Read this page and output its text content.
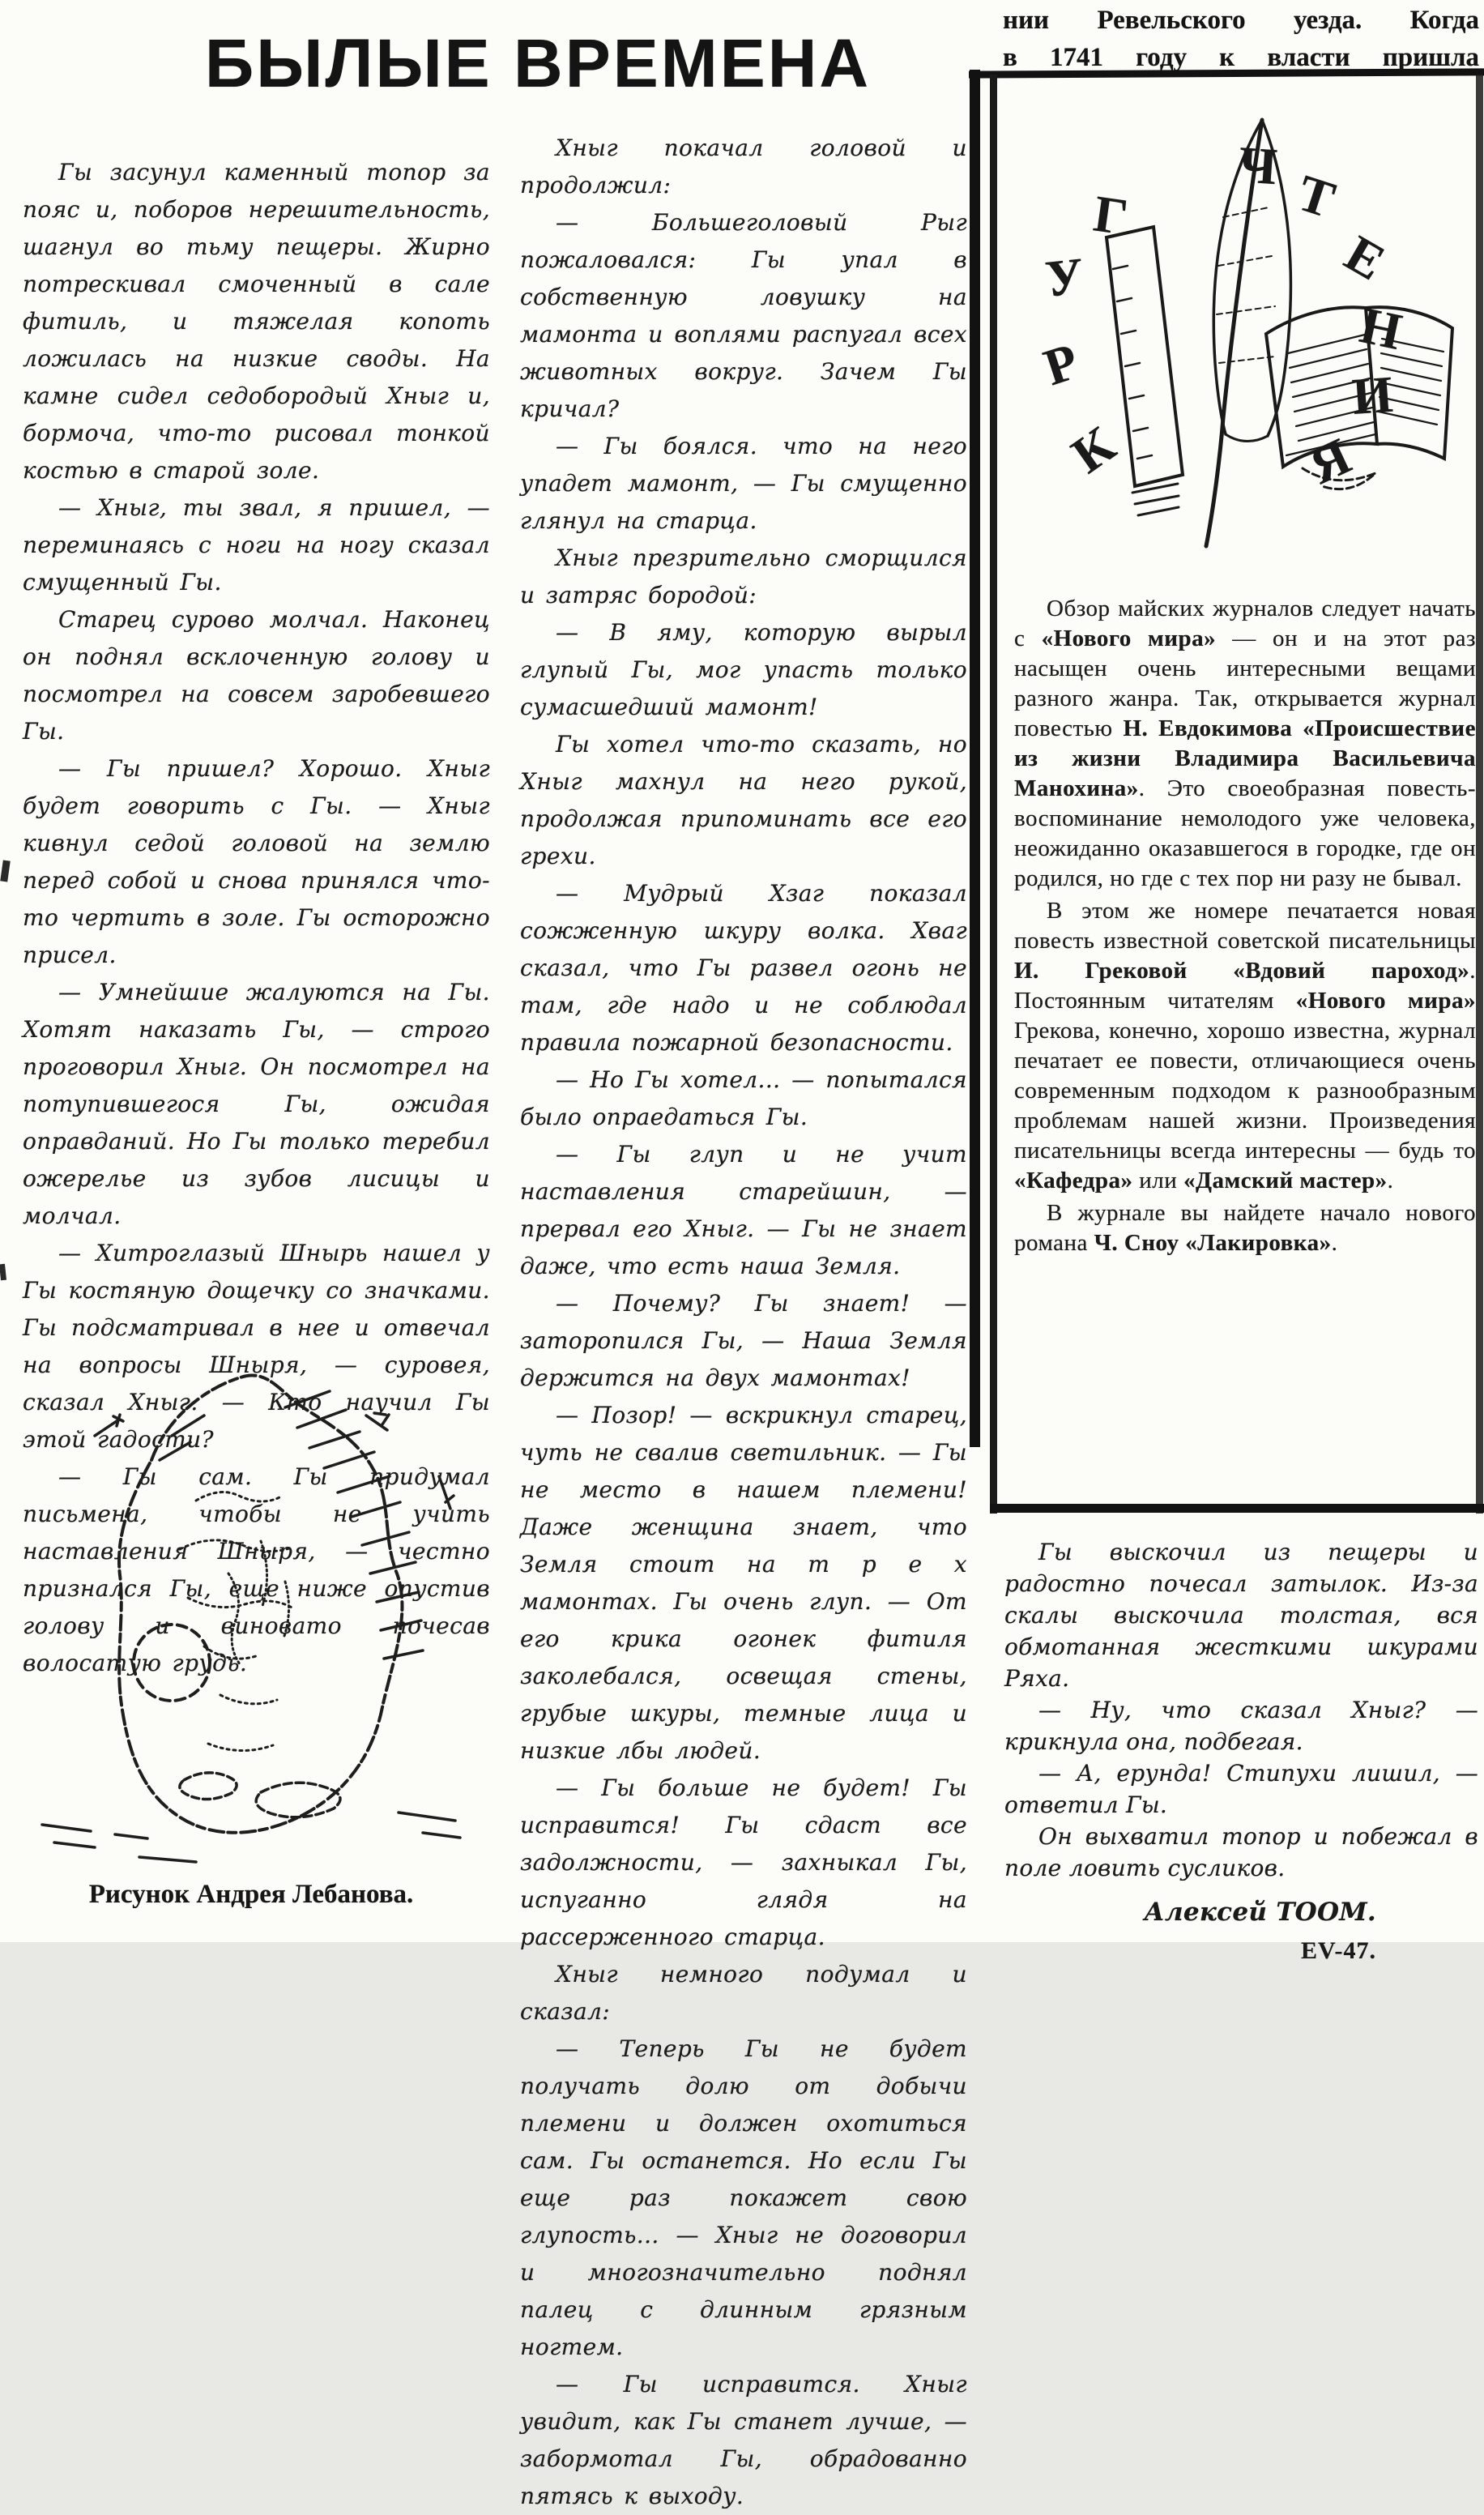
БЫЛЫЕ ВРЕМЕНА

Гы засунул каменный топор за пояс и, поборов нерешительность, шагнул во тьму пещеры. Жирно потрескивал смоченный в сале фитиль, и тяжелая копоть ложилась на низкие своды. На камне сидел седобородый Хныг и, бормоча, что-то рисовал тонкой костью в старой золе.

— Хныг, ты звал, я пришел, — переминаясь с ноги на ногу сказал смущенный Гы.

Старец сурово молчал. Наконец он поднял всклоченную голову и посмотрел на совсем заробевшего Гы.

— Гы пришел? Хорошо. Хныг будет говорить с Гы. — Хныг кивнул седой головой на землю перед собой и снова принялся что-то чертить в золе. Гы осторожно присел.

— Умнейшие жалуются на Гы. Хотят наказать Гы, — строго проговорил Хныг. Он посмотрел на потупившегося Гы, ожидая оправданий. Но Гы только теребил ожерелье из зубов лисицы и молчал.

— Хитроглазый Шнырь нашел у Гы костяную дощечку со значками. Гы подсматривал в нее и отвечал на вопросы Шныря, — суровея, сказал Хныг. — Кто научил Гы этой гадости?

— Гы сам. Гы придумал письмена, чтобы не учить наставления Шныря, — честно признался Гы, еще ниже опустив голову и виновато почесав волосатую грудь.

Хныг покачал головой и продолжил:

— Большеголовый Рыг пожаловался: Гы упал в собственную ловушку на мамонта и воплями распугал всех животных вокруг. Зачем Гы кричал?

— Гы боялся. что на него упадет мамонт, — Гы смущенно глянул на старца.

Хныг презрительно сморщился и затряс бородой:

— В яму, которую вырыл глупый Гы, мог упасть только сумасшедший мамонт!

Гы хотел что-то сказать, но Хныг махнул на него рукой, продолжая припоминать все его грехи.

— Мудрый Хзаг показал сожженную шкуру волка. Хваг сказал, что Гы развел огонь не там, где надо и не соблюдал правила пожарной безопасности.

— Но Гы хотел... — попытался было опраедаться Гы.

— Гы глуп и не учит наставления старейшин, — прервал его Хныг. — Гы не знает даже, что есть наша Земля.

— Почему? Гы знает! — заторопился Гы, — Наша Земля держится на двух мамонтах!

— Позор! — вскрикнул старец, чуть не свалив светильник. — Гы не место в нашем племени! Даже женщина знает, что Земля стоит на т р е х мамонтах. Гы очень глуп. — От его крика огонек фитиля заколебался, освещая стены, грубые шкуры, темные лица и низкие лбы людей.

— Гы больше не будет! Гы исправится! Гы сдаст все задолжности, — захныкал Гы, испуганно глядя на рассерженного старца.

Хныг немного подумал и сказал:

— Теперь Гы не будет получать долю от добычи племени и должен охотиться сам. Гы останется. Но если Гы еще раз покажет свою глупость... — Хныг не договорил и многозначительно поднял палец с длинным грязным ногтем.

— Гы исправится. Хныг увидит, как Гы станет лучше, — забормотал Гы, обрадованно пятясь к выходу.

нии Ревельского уезда. Когда

в 1741 году к власти пришла

К
Р
У
Г
Ч Т
Е
Н
И
Я

Обзор майских журналов следует начать с «Нового мира» — он и на этот раз насыщен очень интересными вещами разного жанра. Так, открывается журнал повестью Н. Евдокимова «Происшествие из жизни Владимира Васильевича Манохина». Это своеобразная повесть-воспоминание немолодого уже человека, неожиданно оказавшегося в городке, где он родился, но где с тех пор ни разу не бывал.

В этом же номере печатается новая повесть известной советской писательницы И. Грековой «Вдовий пароход». Постоянным читателям «Нового мира» Грекова, конечно, хорошо известна, журнал печатает ее повести, отличающиеся очень современным подходом к разнообразным проблемам нашей жизни. Произведения писательницы всегда интересны — будь то «Кафедра» или «Дамский мастер».

В журнале вы найдете начало нового романа Ч. Сноу «Лакировка».

Рисунок Андрея Лебанова.

Гы выскочил из пещеры и радостно почесал затылок. Из-за скалы выскочила толстая, вся обмотанная жесткими шкурами Ряха.

— Ну, что сказал Хныг? — крикнула она, подбегая.

— А, ерунда! Стипухи лишил, — ответил Гы.

Он выхватил топор и побежал в поле ловить сусликов.

Алексей ТООМ.
EV-47.
